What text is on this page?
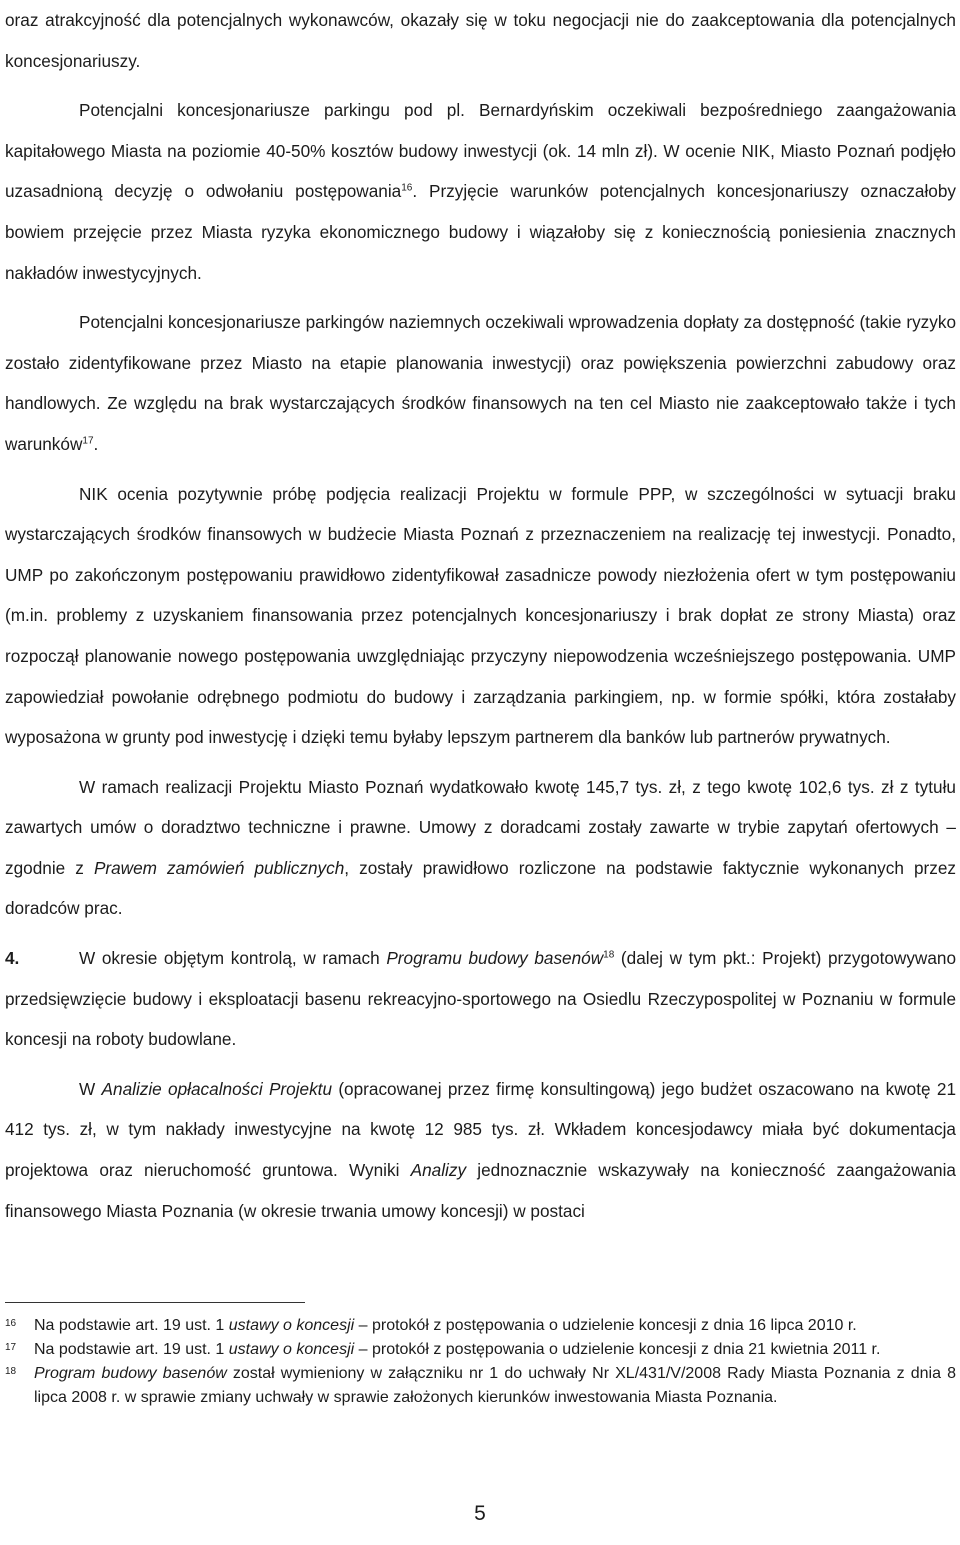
oraz atrakcyjność dla potencjalnych wykonawców, okazały się w toku negocjacji nie do zaakceptowania dla potencjalnych koncesjonariuszy.

Potencjalni koncesjonariusze parkingu pod pl. Bernardyńskim oczekiwali bezpośredniego zaangażowania kapitałowego Miasta na poziomie 40-50% kosztów budowy inwestycji (ok. 14 mln zł). W ocenie NIK, Miasto Poznań podjęło uzasadnioną decyzję o odwołaniu postępowania$^{16}$. Przyjęcie warunków potencjalnych koncesjonariuszy oznaczałoby bowiem przejęcie przez Miasta ryzyka ekonomicznego budowy i wiązałoby się z koniecznością poniesienia znacznych nakładów inwestycyjnych.

Potencjalni koncesjonariusze parkingów naziemnych oczekiwali wprowadzenia dopłaty za dostępność (takie ryzyko zostało zidentyfikowane przez Miasto na etapie planowania inwestycji) oraz powiększenia powierzchni zabudowy oraz handlowych. Ze względu na brak wystarczających środków finansowych na ten cel Miasto nie zaakceptowało także i tych warunków$^{17}$.

NIK ocenia pozytywnie próbę podjęcia realizacji Projektu w formule PPP, w szczególności w sytuacji braku wystarczających środków finansowych w budżecie Miasta Poznań z przeznaczeniem na realizację tej inwestycji. Ponadto, UMP po zakończonym postępowaniu prawidłowo zidentyfikował zasadnicze powody niezłożenia ofert w tym postępowaniu (m.in. problemy z uzyskaniem finansowania przez potencjalnych koncesjonariuszy i brak dopłat ze strony Miasta) oraz rozpoczął planowanie nowego postępowania uwzględniając przyczyny niepowodzenia wcześniejszego postępowania. UMP zapowiedział powołanie odrębnego podmiotu do budowy i zarządzania parkingiem, np. w formie spółki, która zostałaby wyposażona w grunty pod inwestycję i dzięki temu byłaby lepszym partnerem dla banków lub partnerów prywatnych.

W ramach realizacji Projektu Miasto Poznań wydatkowało kwotę 145,7 tys. zł, z tego kwotę 102,6 tys. zł z tytułu zawartych umów o doradztwo techniczne i prawne. Umowy z doradcami zostały zawarte w trybie zapytań ofertowych – zgodnie z Prawem zamówień publicznych, zostały prawidłowo rozliczone na podstawie faktycznie wykonanych przez doradców prac.

4.	W okresie objętym kontrolą, w ramach Programu budowy basenów$^{18}$ (dalej w tym pkt.: Projekt) przygotowywano przedsięwzięcie budowy i eksploatacji basenu rekreacyjno-sportowego na Osiedlu Rzeczypospolitej w Poznaniu w formule koncesji na roboty budowlane.

W Analizie opłacalności Projektu (opracowanej przez firmę konsultingową) jego budżet oszacowano na kwotę 21 412 tys. zł, w tym nakłady inwestycyjne na kwotę 12 985 tys. zł. Wkładem koncesjodawcy miała być dokumentacja projektowa oraz nieruchomość gruntowa. Wyniki Analizy jednoznacznie wskazywały na konieczność zaangażowania finansowego Miasta Poznania (w okresie trwania umowy koncesji) w postaci

16	Na podstawie art. 19 ust. 1 ustawy o koncesji – protokół z postępowania o udzielenie koncesji z dnia 16 lipca 2010 r.
17	Na podstawie art. 19 ust. 1 ustawy o koncesji – protokół z postępowania o udzielenie koncesji z dnia 21 kwietnia 2011 r.
18	Program budowy basenów został wymieniony w załączniku nr 1 do uchwały Nr XL/431/V/2008 Rady Miasta Poznania z dnia 8 lipca 2008 r. w sprawie zmiany uchwały w sprawie założonych kierunków inwestowania Miasta Poznania.
5
